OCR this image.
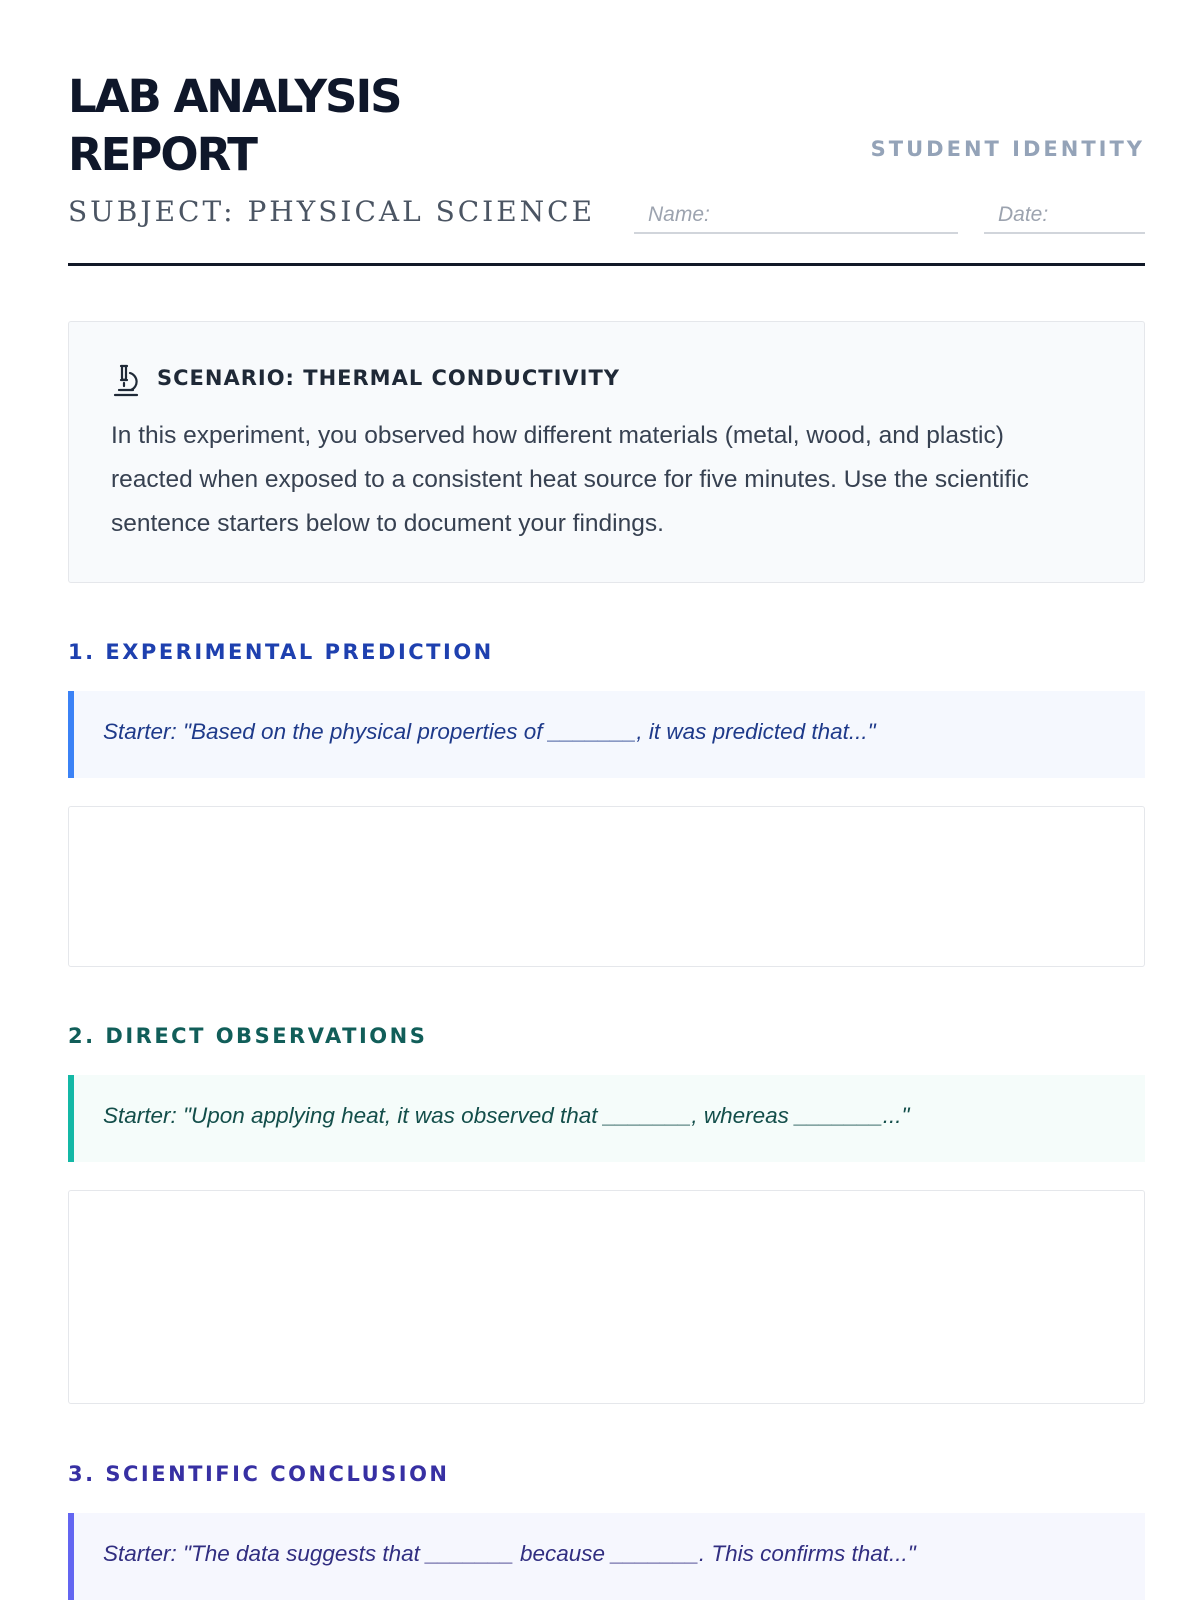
LAB ANALYSIS REPORT
SUBJECT: PHYSICAL SCIENCE
STUDENT IDENTITY
Name:	Date:
SCENARIO: THERMAL CONDUCTIVITY

In this experiment, you observed how different materials (metal, wood, and plastic) reacted when exposed to a consistent heat source for five minutes. Use the scientific sentence starters below to document your findings.

1. EXPERIMENTAL PREDICTION
Starter: "Based on the physical properties of _______, it was predicted that..."
2. DIRECT OBSERVATIONS
Starter: "Upon applying heat, it was observed that _______, whereas _______..."
3. SCIENTIFIC CONCLUSION
Starter: "The data suggests that _______ because _______. This confirms that..."
